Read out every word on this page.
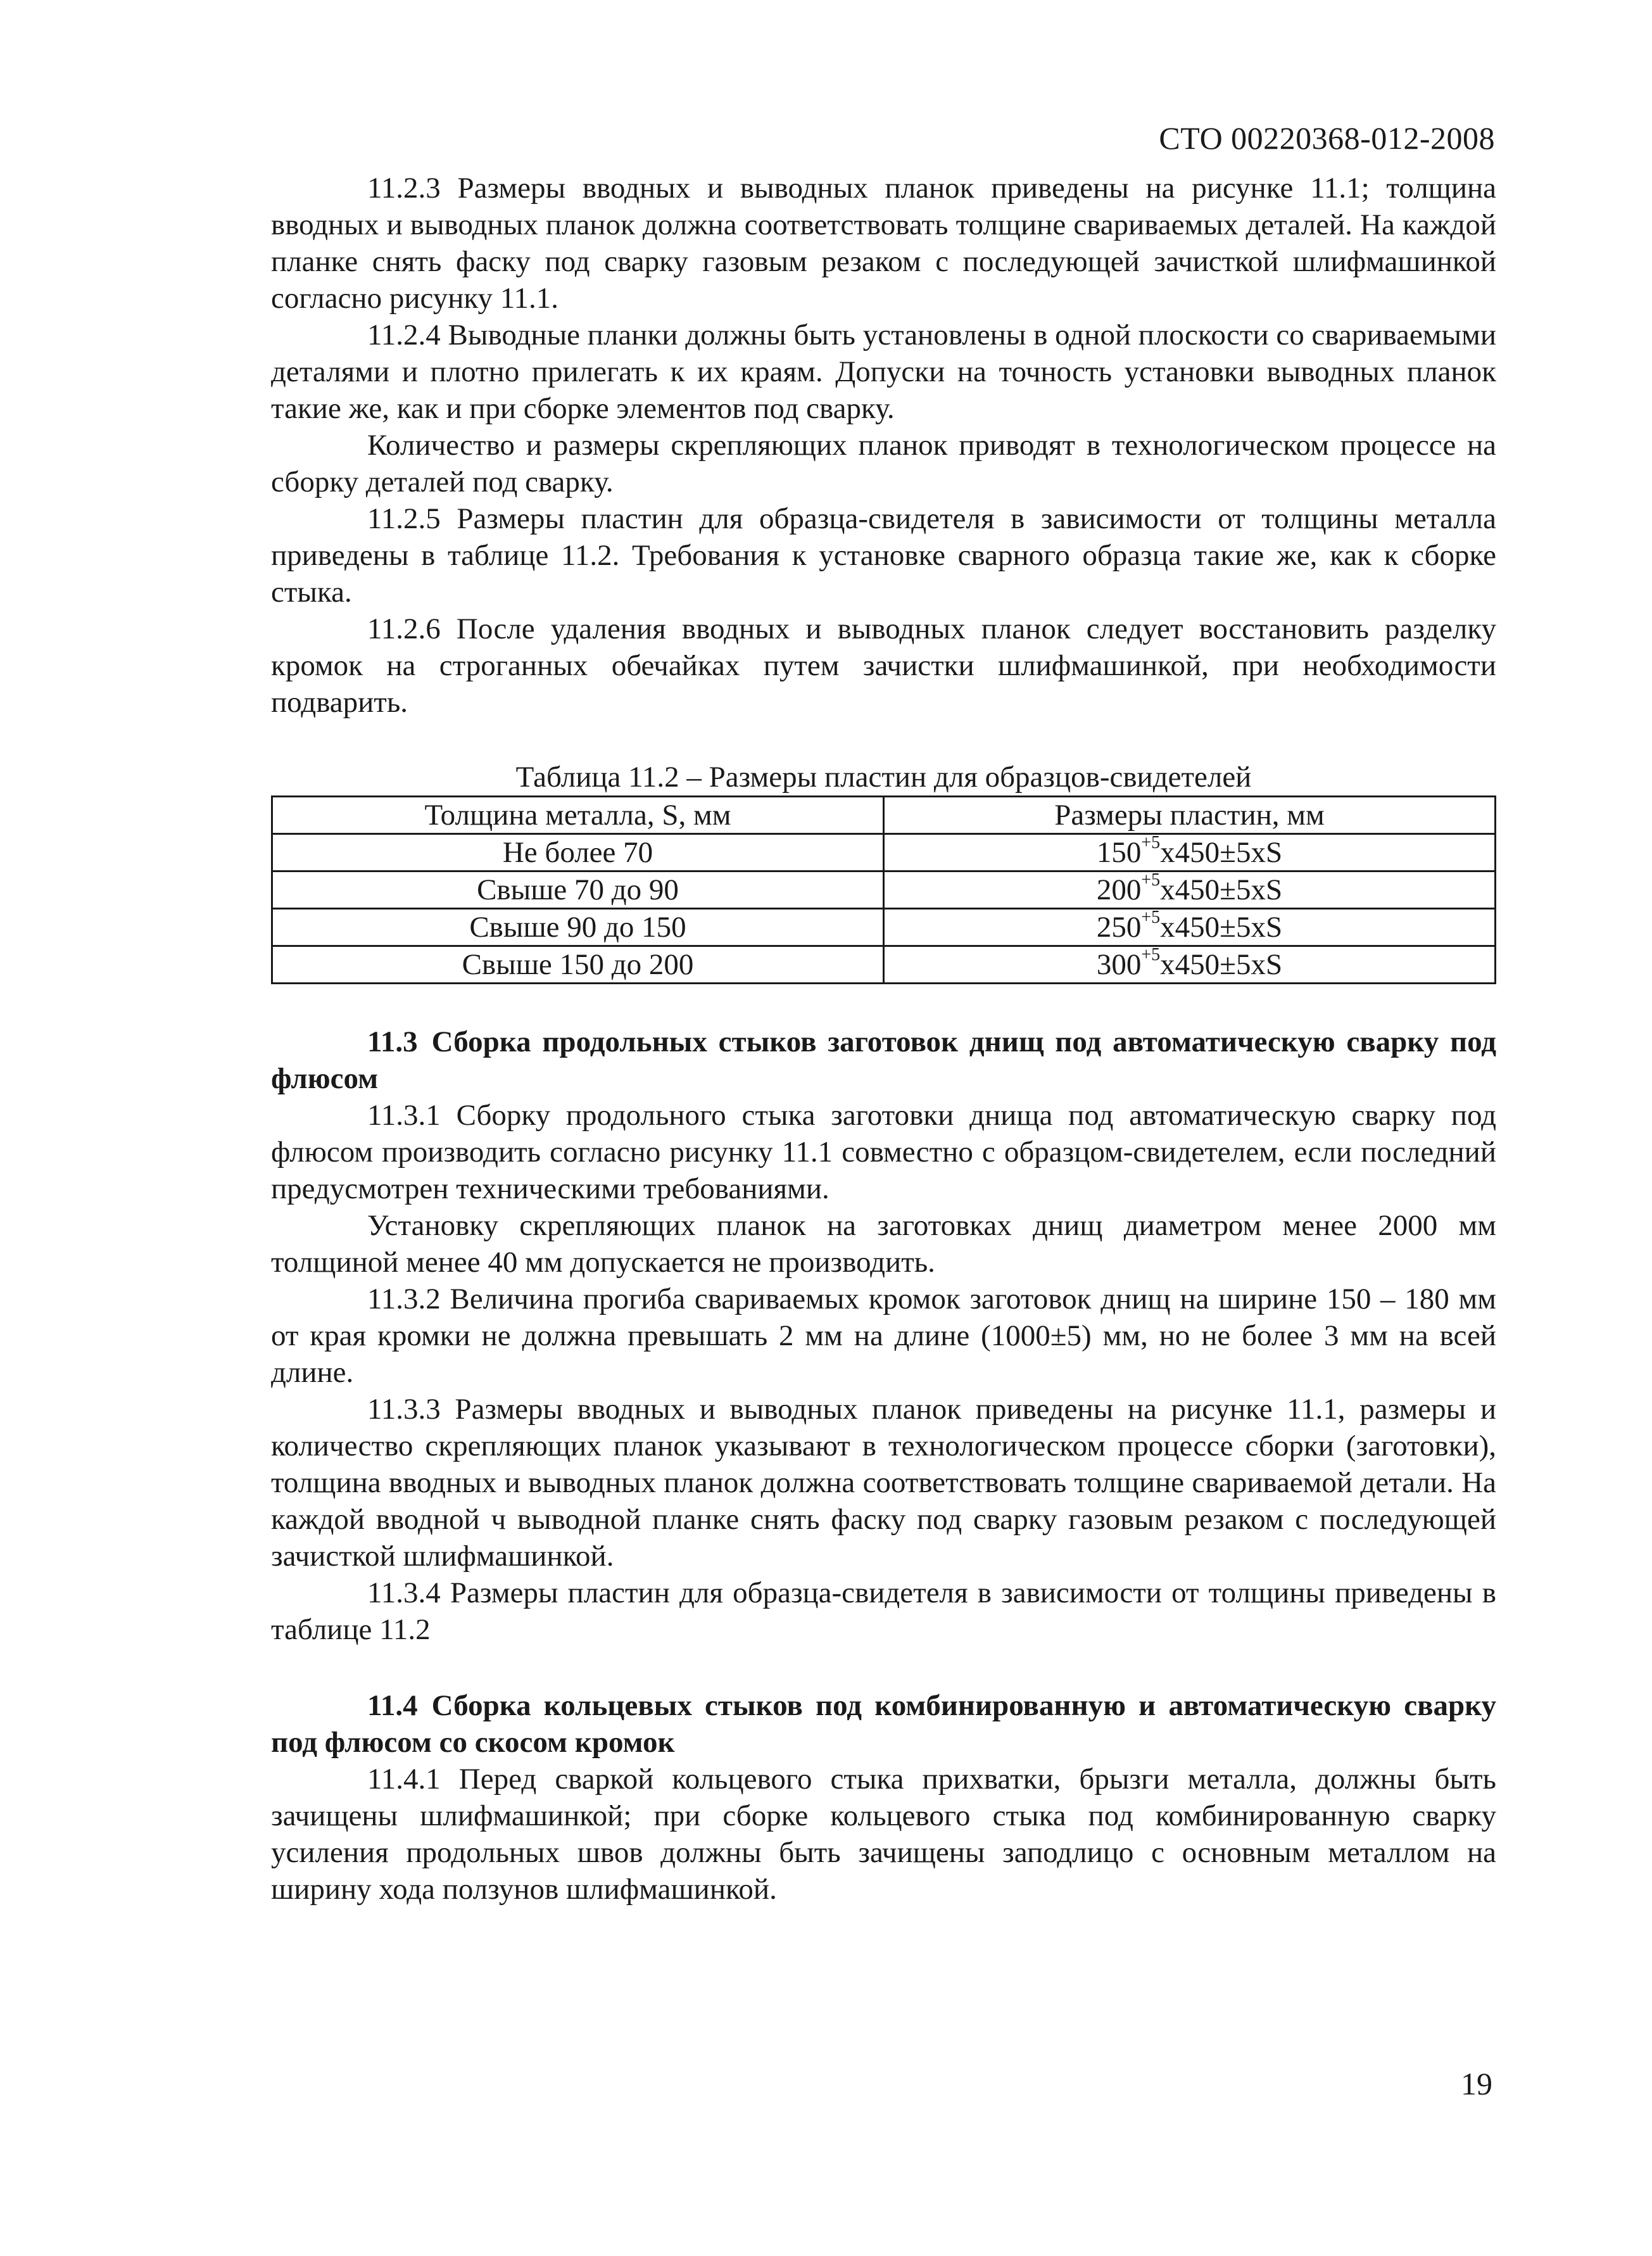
СТО 00220368-012-2008

11.2.3 Размеры вводных и выводных планок приведены на рисунке 11.1; толщина вводных и выводных планок должна соответствовать толщине свариваемых деталей. На каждой планке снять фаску под сварку газовым резаком с последующей зачисткой шлифмашинкой согласно рисунку 11.1.

11.2.4 Выводные планки должны быть установлены в одной плоскости со свариваемыми деталями и плотно прилегать к их краям. Допуски на точность установки выводных планок такие же, как и при сборке элементов под сварку.

Количество и размеры скрепляющих планок приводят в технологическом процессе на сборку деталей под сварку.

11.2.5 Размеры пластин для образца-свидетеля в зависимости от толщины металла приведены в таблице 11.2. Требования к установке сварного образца такие же, как к сборке стыка.

11.2.6 После удаления вводных и выводных планок следует восстановить разделку кромок на строганных обечайках путем зачистки шлифмашинкой, при необходимости подварить.

Таблица 11.2 – Размеры пластин для образцов-свидетелей

Толщина металла, S, мм	Размеры пластин, мм
Не более 70	$150^{+5}х450\pm 5хS$
Свыше 70 до 90	$200^{+5}х450\pm 5хS$
Свыше 90 до 150	$250^{+5}х450\pm 5хS$
Свыше 150 до 200	$300^{+5}х450\pm 5хS$
11.3 Сборка продольных стыков заготовок днищ под автоматическую сварку под флюсом

11.3.1 Сборку продольного стыка заготовки днища под автоматическую сварку под флюсом производить согласно рисунку 11.1 совместно с образцом-свидетелем, если последний предусмотрен техническими требованиями.

Установку скрепляющих планок на заготовках днищ диаметром менее 2000 мм толщиной менее 40 мм допускается не производить.

11.3.2 Величина прогиба свариваемых кромок заготовок днищ на ширине 150 – 180 мм от края кромки не должна превышать 2 мм на длине (1000±5) мм, но не более 3 мм на всей длине.

11.3.3 Размеры вводных и выводных планок приведены на рисунке 11.1, размеры и количество скрепляющих планок указывают в технологическом процессе сборки (заготовки), толщина вводных и выводных планок должна соответствовать толщине свариваемой детали. На каждой вводной ч выводной планке снять фаску под сварку газовым резаком с последующей зачисткой шлифмашинкой.

11.3.4 Размеры пластин для образца-свидетеля в зависимости от толщины приведены в таблице 11.2

11.4 Сборка кольцевых стыков под комбинированную и автоматическую сварку под флюсом со скосом кромок

11.4.1 Перед сваркой кольцевого стыка прихватки, брызги металла, должны быть зачищены шлифмашинкой; при сборке кольцевого стыка под комбинированную сварку усиления продольных швов должны быть зачищены заподлицо с основным металлом на ширину хода ползунов шлифмашинкой.

19
